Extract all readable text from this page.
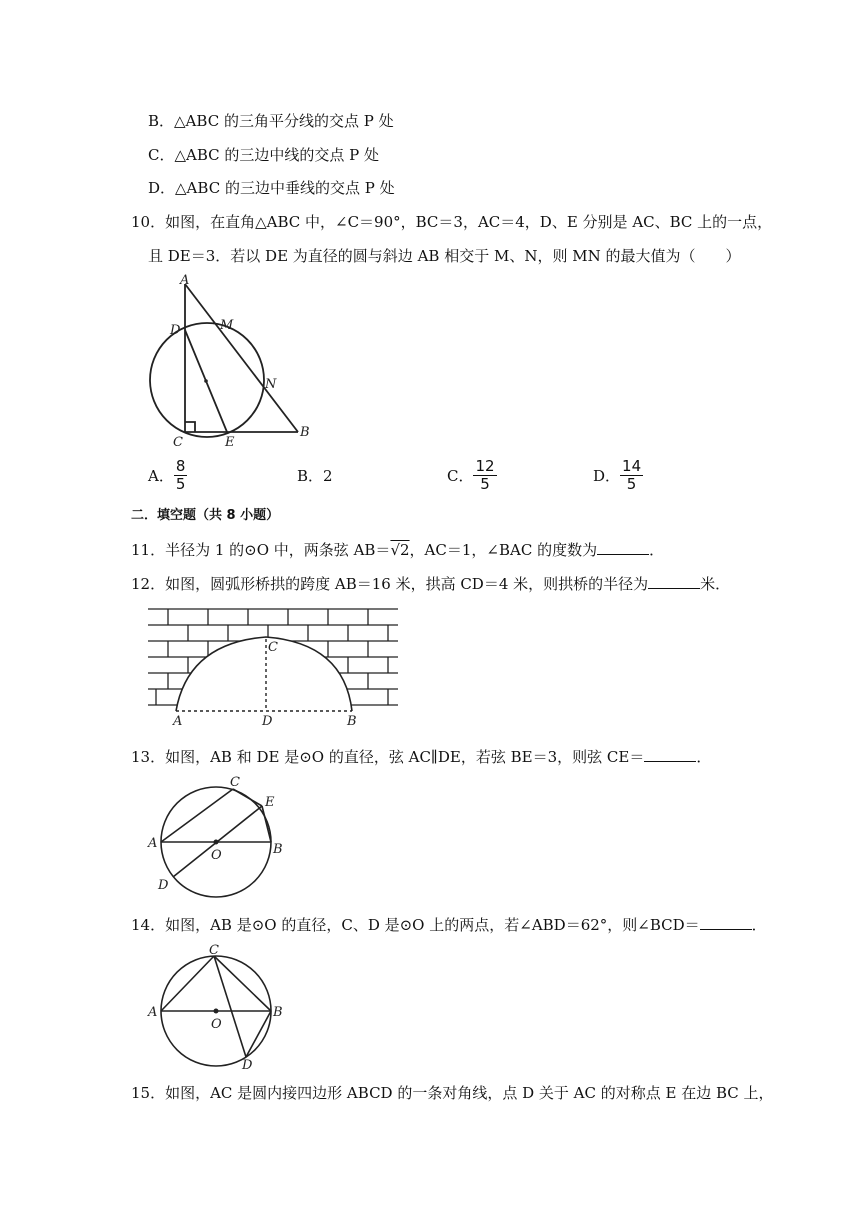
B．△ABC 的三角平分线的交点 P 处
C．△ABC 的三边中线的交点 P 处
D．△ABC 的三边中垂线的交点 P 处
10．如图，在直角△ABC 中，∠C＝90°，BC＝3，AC＝4，D、E 分别是 AC、BC 上的一点，
且 DE＝3．若以 DE 为直径的圆与斜边 AB 相交于 M、N，则 MN 的最大值为（　　）
A
D	M
N
C	E
B
A． $\frac{8}{5}$	B．2	C． $\frac{12}{5}$	D． $\frac{14}{5}$
二．填空题（共 8 小题）
11．半径为 1 的⊙O 中，两条弦 AB＝√2，AC＝1，∠BAC 的度数为	．
12．如图，圆弧形桥拱的跨度 AB＝16 米，拱高 CD＝4 米，则拱桥的半径为	米．
A	D	B
C
13．如图，AB 和 DE 是⊙O 的直径，弦 AC∥DE，若弦 BE＝3，则弦 CE＝	．
C
E
A	B
O
D
14．如图，AB 是⊙O 的直径，C、D 是⊙O 上的两点，若∠ABD＝62°，则∠BCD＝	．
C
A	B
O
D
15．如图，AC 是圆内接四边形 ABCD 的一条对角线，点 D 关于 AC 的对称点 E 在边 BC 上，
